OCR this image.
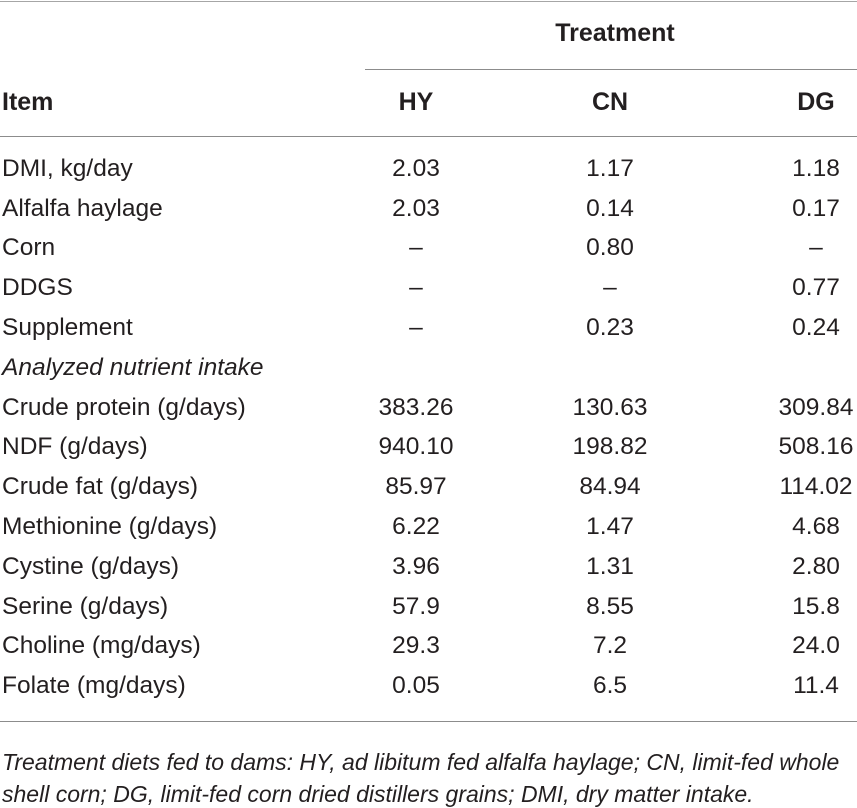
Treatment
Item	HY	CN	DG
DMI, kg/day	2.03	1.17	1.18
Alfalfa haylage	2.03	0.14	0.17
Corn	–	0.80	–
DDGS	–	–	0.77
Supplement	–	0.23	0.24
Analyzed nutrient intake
Crude protein (g/days)	383.26	130.63	309.84
NDF (g/days)	940.10	198.82	508.16
Crude fat (g/days)	85.97	84.94	114.02
Methionine (g/days)	6.22	1.47	4.68
Cystine (g/days)	3.96	1.31	2.80
Serine (g/days)	57.9	8.55	15.8
Choline (mg/days)	29.3	7.2	24.0
Folate (mg/days)	0.05	6.5	11.4
Treatment diets fed to dams: HY, ad libitum fed alfalfa haylage; CN, limit-fed whole
shell corn; DG, limit-fed corn dried distillers grains; DMI, dry matter intake.
